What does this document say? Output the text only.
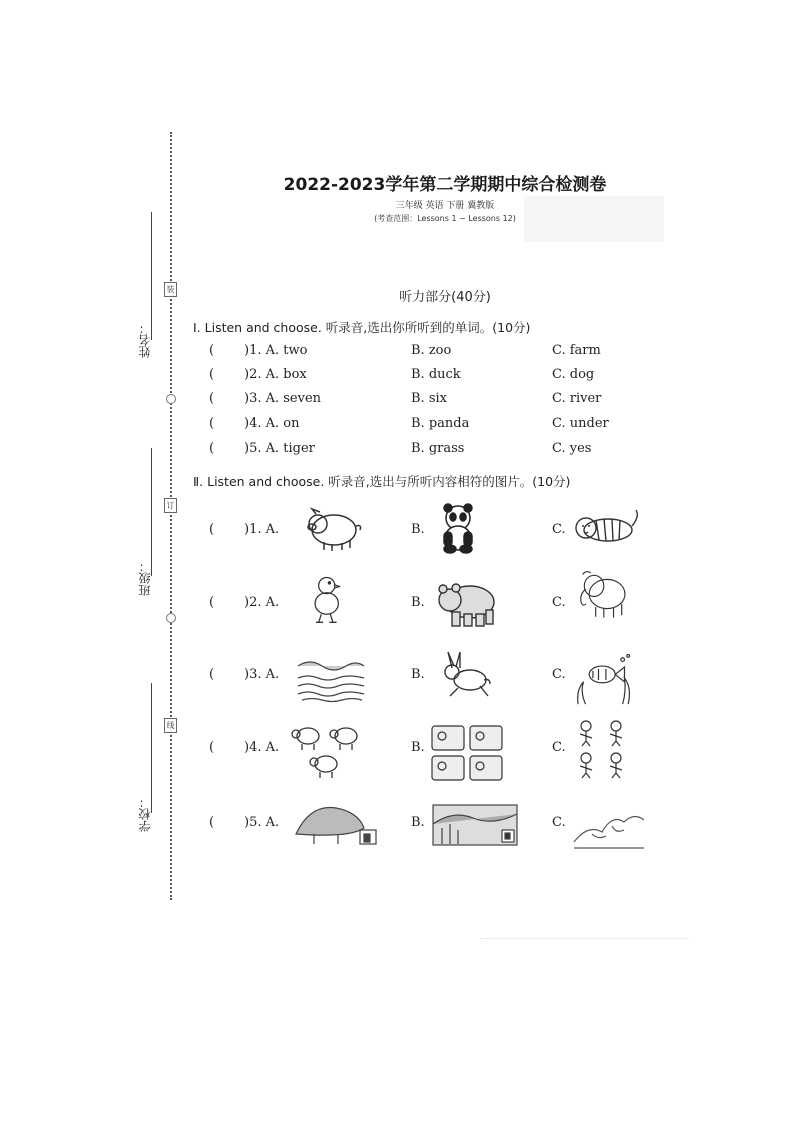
装
订
线
姓名：
班级：
学校：
2022-2023学年第二学期期中综合检测卷
三年级 英语 下册 冀教版
(考查范围：Lessons 1 ~ Lessons 12)
听力部分(40分)
Ⅰ. Listen and choose. 听录音,选出你所听到的单词。(10分)
( )1. A. two	B. zoo	C. farm
( )2. A. box	B. duck	C. dog
( )3. A. seven	B. six	C. river
( )4. A. on	B. panda	C. under
( )5. A. tiger	B. grass	C. yes
Ⅱ. Listen and choose. 听录音,选出与所听内容相符的图片。(10分)
( )1. A.	B.	C.
( )2. A.	B.	C.
( )3. A.	B.	C.
( )4. A.	B.	C.
( )5. A.	B.	C.
